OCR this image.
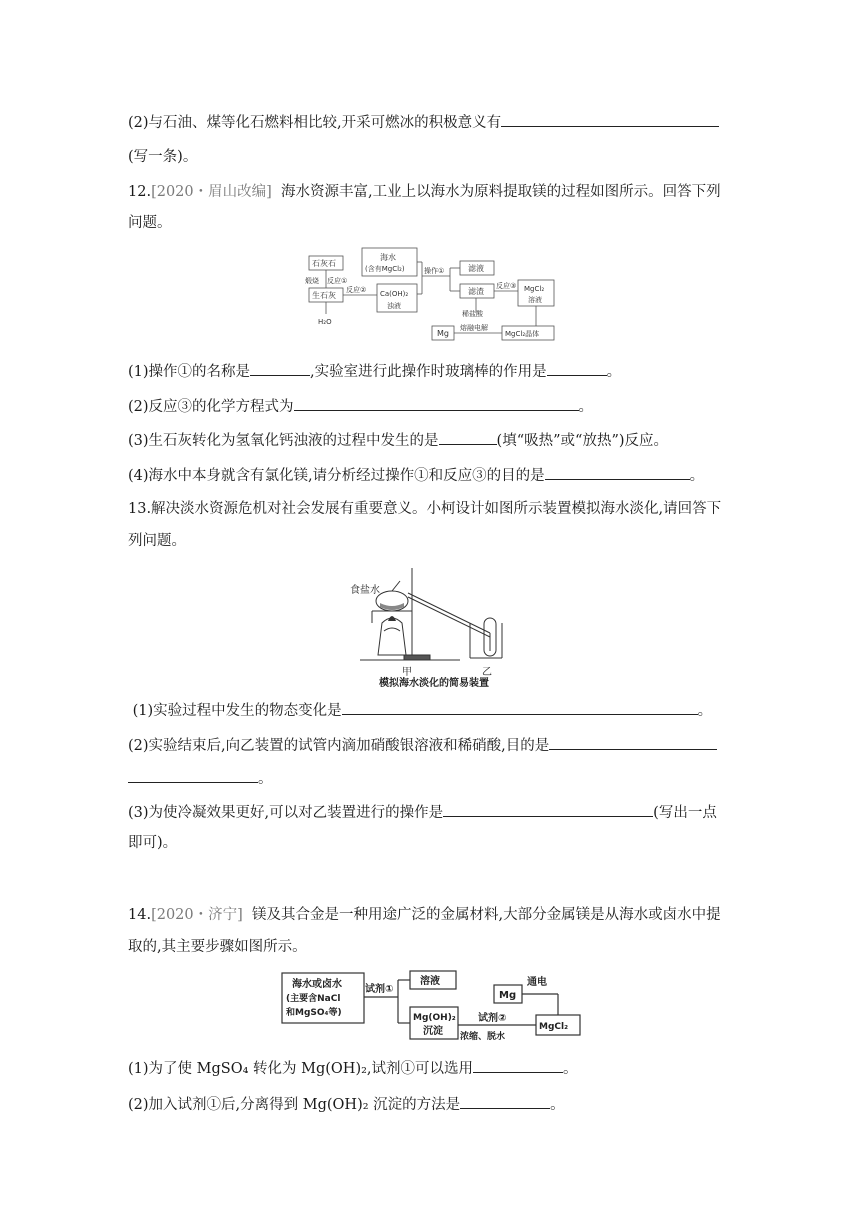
(2)与石油、煤等化石燃料相比较,开采可燃冰的积极意义有
(写一条)。
12.[2020・眉山改编] 海水资源丰富,工业上以海水为原料提取镁的过程如图所示。回答下列
问题。
石灰石
煅烧 反应①
生石灰
H₂O
海水
(含有MgCl₂)
反应② Ca(OH)₂
浊液
操作①	滤液
滤渣
反应③ MgCl₂
溶液
稀盐酸
熔融电解
Mg	MgCl₂晶体
(1)操作①的名称是	,实验室进行此操作时玻璃棒的作用是	。
(2)反应③的化学方程式为	。
(3)生石灰转化为氢氧化钙浊液的过程中发生的是	(填“吸热”或“放热”)反应。
(4)海水中本身就含有氯化镁,请分析经过操作①和反应③的目的是	。
13.解决淡水资源危机对社会发展有重要意义。小柯设计如图所示装置模拟海水淡化,请回答下
列问题。
食盐水
甲	乙
模拟海水淡化的简易装置
(1)实验过程中发生的物态变化是	。
(2)实验结束后,向乙装置的试管内滴加硝酸银溶液和稀硝酸,目的是
。
(3)为使冷凝效果更好,可以对乙装置进行的操作是	(写出一点
即可)。
14.[2020・济宁] 镁及其合金是一种用途广泛的金属材料,大部分金属镁是从海水或卤水中提
取的,其主要步骤如图所示。
海水或卤水
(主要含NaCl
和MgSO₄等)
试剂①
溶液
Mg(OH)₂
沉淀
试剂②
浓缩、脱水
MgCl₂
Mg
通电
(1)为了使 MgSO₄ 转化为 Mg(OH)₂,试剂①可以选用	。
(2)加入试剂①后,分离得到 Mg(OH)₂ 沉淀的方法是	。
